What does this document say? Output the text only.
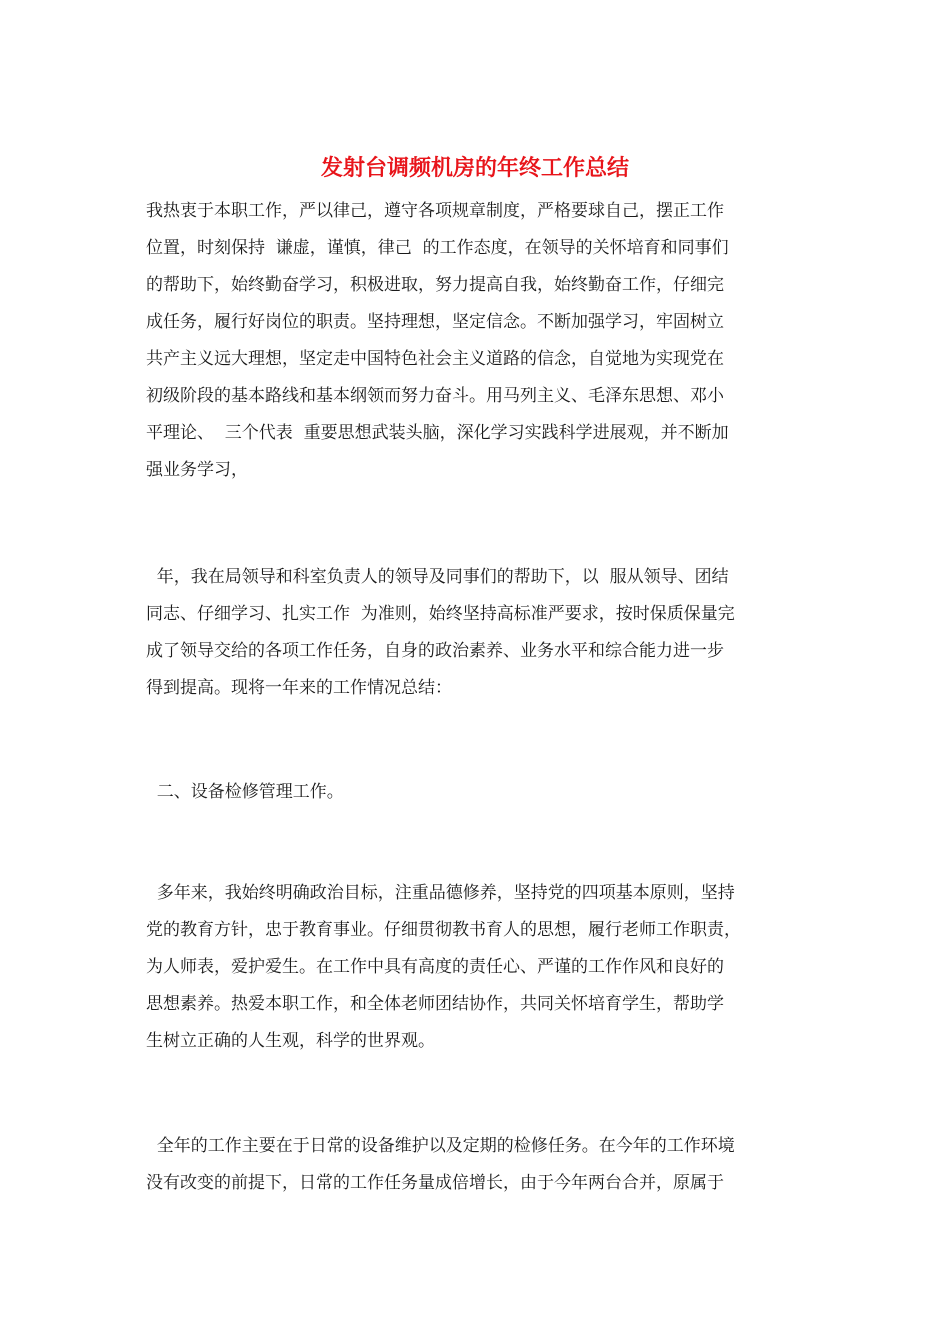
发射台调频机房的年终工作总结
我热衷于本职工作，严以律己，遵守各项规章制度，严格要球自己，摆正工作
位置，时刻保持  谦虚，谨慎，律己  的工作态度，在领导的关怀培育和同事们
的帮助下，始终勤奋学习，积极进取，努力提高自我，始终勤奋工作，仔细完
成任务，履行好岗位的职责。坚持理想，坚定信念。不断加强学习，牢固树立
共产主义远大理想，坚定走中国特色社会主义道路的信念，自觉地为实现党在
初级阶段的基本路线和基本纲领而努力奋斗。用马列主义、毛泽东思想、邓小
平理论、  三个代表  重要思想武装头脑，深化学习实践科学进展观，并不断加
强业务学习，
年，我在局领导和科室负责人的领导及同事们的帮助下，以  服从领导、团结
同志、仔细学习、扎实工作  为准则，始终坚持高标准严要求，按时保质保量完
成了领导交给的各项工作任务，自身的政治素养、业务水平和综合能力进一步
得到提高。现将一年来的工作情况总结：
二、设备检修管理工作。
多年来，我始终明确政治目标，注重品德修养，坚持党的四项基本原则，坚持
党的教育方针，忠于教育事业。仔细贯彻教书育人的思想，履行老师工作职责，
为人师表，爱护爱生。在工作中具有高度的责任心、严谨的工作作风和良好的
思想素养。热爱本职工作，和全体老师团结协作，共同关怀培育学生，帮助学
生树立正确的人生观，科学的世界观。
全年的工作主要在于日常的设备维护以及定期的检修任务。在今年的工作环境
没有改变的前提下，日常的工作任务量成倍增长，由于今年两台合并，原属于
